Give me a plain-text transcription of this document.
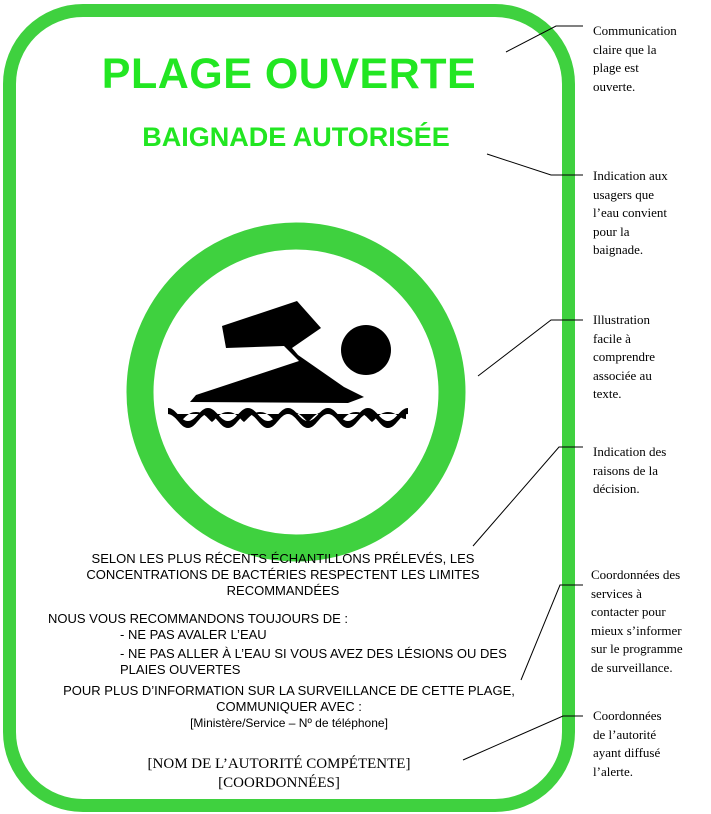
PLAGE OUVERTE
BAIGNADE AUTORISÉE
SELON LES PLUS RÉCENTS ÉCHANTILLONS PRÉLEVÉS, LES
CONCENTRATIONS DE BACTÉRIES RESPECTENT LES LIMITES
RECOMMANDÉES
NOUS VOUS RECOMMANDONS TOUJOURS DE :
- NE PAS AVALER L’EAU
- NE PAS ALLER À L’EAU SI VOUS AVEZ DES LÉSIONS OU DES
PLAIES OUVERTES
POUR PLUS D’INFORMATION SUR LA SURVEILLANCE DE CETTE PLAGE,
COMMUNIQUER AVEC :
[Ministère/Service – Nº de téléphone]
[NOM DE L’AUTORITÉ COMPÉTENTE]
[COORDONNÉES]
Communication
claire que la
plage est
ouverte.
Indication aux
usagers que
l’eau convient
pour la
baignade.
Illustration
facile à
comprendre
associée au
texte.
Indication des
raisons de la
décision.
Coordonnées des
services à
contacter pour
mieux s’informer
sur le programme
de surveillance.
Coordonnées
de l’autorité
ayant diffusé
l’alerte.
